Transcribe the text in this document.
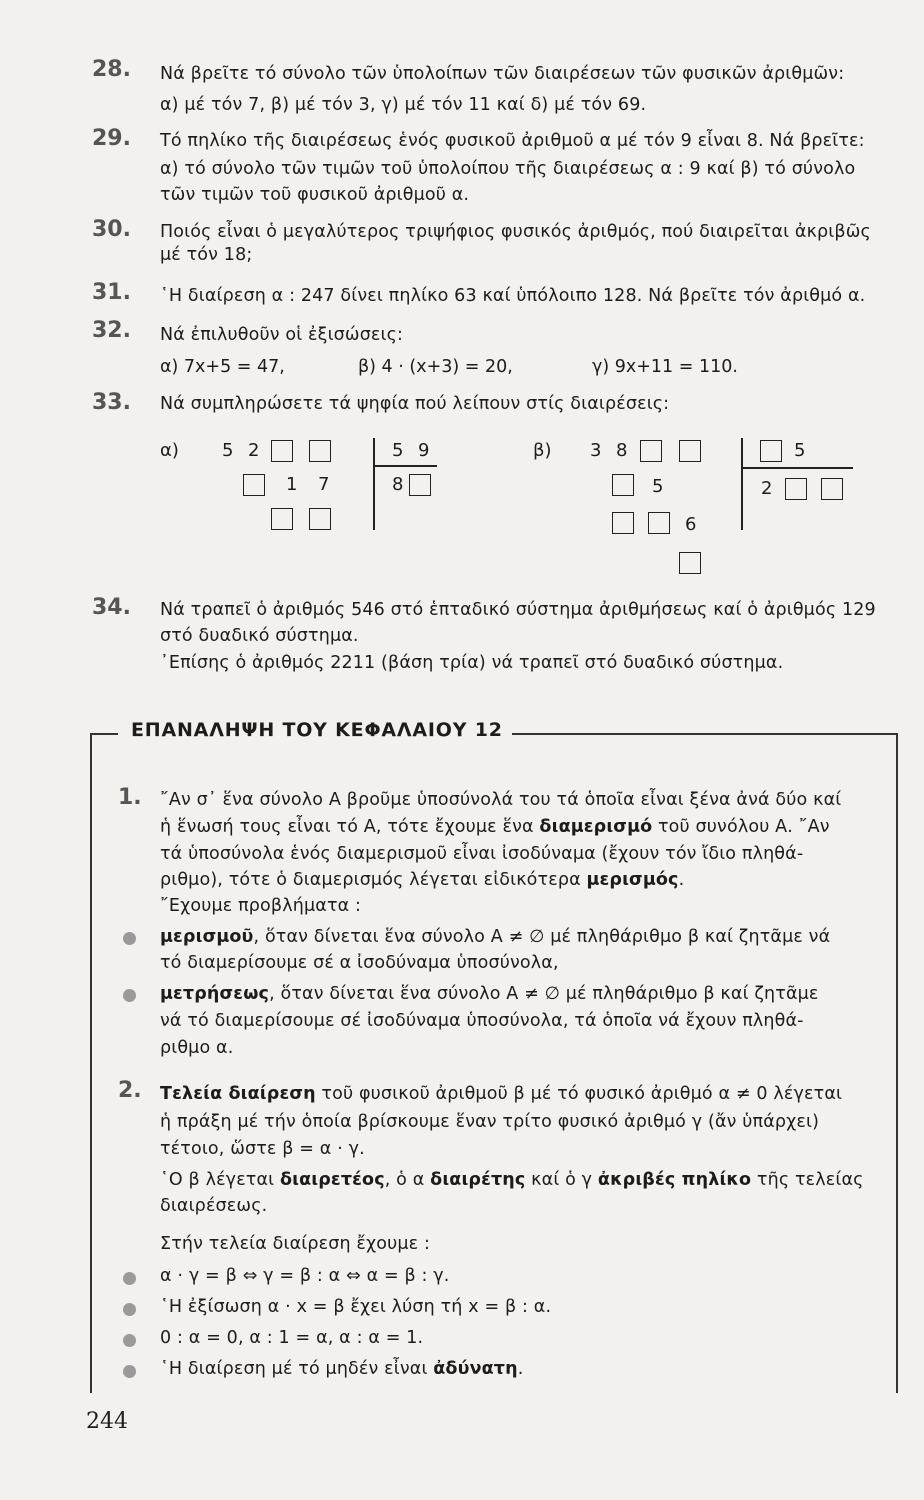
28.	Νά βρεῖτε τό σύνολο τῶν ὑπολοίπων τῶν διαιρέσεων τῶν φυσικῶν ἀριθμῶν:
α) μέ τόν 7, β) μέ τόν 3, γ) μέ τόν 11 καί δ) μέ τόν 69.
29.	Τό πηλίκο τῆς διαιρέσεως ἑνός φυσικοῦ ἀριθμοῦ α μέ τόν 9 εἶναι 8. Νά βρεῖτε:
α) τό σύνολο τῶν τιμῶν τοῦ ὑπολοίπου τῆς διαιρέσεως α : 9 καί β) τό σύνολο
τῶν τιμῶν τοῦ φυσικοῦ ἀριθμοῦ α.
30.	Ποιός εἶναι ὁ μεγαλύτερος τριψήφιος φυσικός ἀριθμός, πού διαιρεῖται ἀκριβῶς
μέ τόν 18;
31.	῾Η διαίρεση α : 247 δίνει πηλίκο 63 καί ὑπόλοιπο 128. Νά βρεῖτε τόν ἀριθμό α.
32.	Νά ἐπιλυθοῦν οἱ ἐξισώσεις:
α) 7x+5 = 47,	β) 4 · (x+3) = 20,	γ) 9x+11 = 110.
33.	Νά συμπληρώσετε τά ψηφία πού λείπουν στίς διαιρέσεις:
α) 5 2
1 7
5 9
8
β) 3 8
5
6
5
2
34.	Νά τραπεῖ ὁ ἀριθμός 546 στό ἑπταδικό σύστημα ἀριθμήσεως καί ὁ ἀριθμός 129
στό δυαδικό σύστημα.
᾿Επίσης ὁ ἀριθμός 2211 (βάση τρία) νά τραπεῖ στό δυαδικό σύστημα.
ΕΠΑΝΑΛΗΨΗ ΤΟΥ ΚΕΦΑΛΑΙΟΥ 12
1. ῎Αν σ᾿ ἕνα σύνολο Α βροῦμε ὑποσύνολά του τά ὁποῖα εἶναι ξένα ἀνά δύο καί
ἡ ἕνωσή τους εἶναι τό Α, τότε ἔχουμε ἕνα διαμερισμό τοῦ συνόλου Α. ῎Αν
τά ὑποσύνολα ἑνός διαμερισμοῦ εἶναι ἰσοδύναμα (ἔχουν τόν ἴδιο πληθά-
ριθμο), τότε ὁ διαμερισμός λέγεται εἰδικότερα μερισμός.
῎Εχουμε προβλήματα :
μερισμοῦ, ὅταν δίνεται ἕνα σύνολο Α ≠ ∅ μέ πληθάριθμο β καί ζητᾶμε νά
τό διαμερίσουμε σέ α ἰσοδύναμα ὑποσύνολα,
μετρήσεως, ὅταν δίνεται ἕνα σύνολο Α ≠ ∅ μέ πληθάριθμο β καί ζητᾶμε
νά τό διαμερίσουμε σέ ἰσοδύναμα ὑποσύνολα, τά ὁποῖα νά ἔχουν πληθά-
ριθμο α.
2. Τελεία διαίρεση τοῦ φυσικοῦ ἀριθμοῦ β μέ τό φυσικό ἀριθμό α ≠ 0 λέγεται
ἡ πράξη μέ τήν ὁποία βρίσκουμε ἕναν τρίτο φυσικό ἀριθμό γ (ἄν ὑπάρχει)
τέτοιο, ὥστε β = α · γ.
῾Ο β λέγεται διαιρετέος, ὁ α διαιρέτης καί ὁ γ ἀκριβές πηλίκο τῆς τελείας
διαιρέσεως.
Στήν τελεία διαίρεση ἔχουμε :
α · γ = β ⇔ γ = β : α ⇔ α = β : γ.
῾Η ἐξίσωση α · x = β ἔχει λύση τή x = β : α.
0 : α = 0, α : 1 = α, α : α = 1.
῾Η διαίρεση μέ τό μηδέν εἶναι ἀδύνατη.
244
